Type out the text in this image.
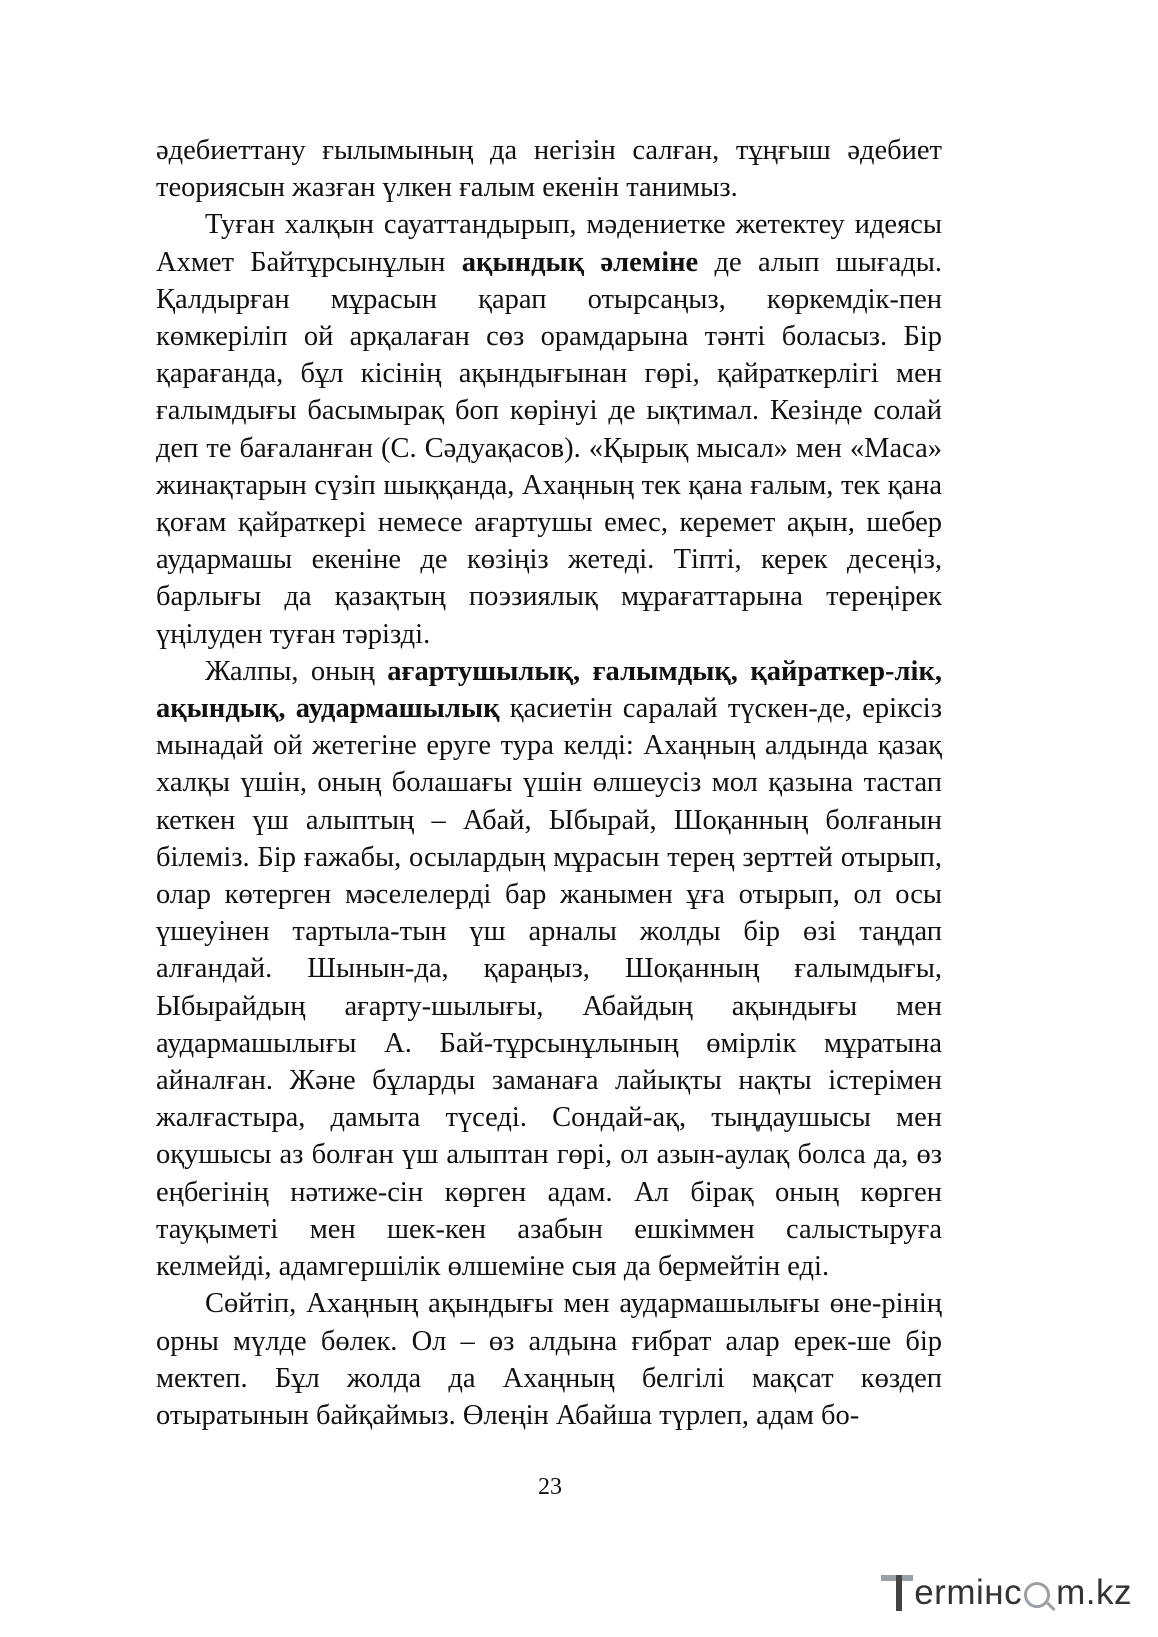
әдебиеттану ғылымының да негізін салған, тұңғыш әдебиет теориясын жазған үлкен ғалым екенін танимыз.

Туған халқын сауаттандырып, мәдениетке жетектеу идеясы Ахмет Байтұрсынұлын ақындық әлеміне де алып шығады. Қалдырған мұрасын қарап отырсаңыз, көркемдік-пен көмкеріліп ой арқалаған сөз орамдарына тәнті боласыз. Бір қарағанда, бұл кісінің ақындығынан гөрі, қайраткерлігі мен ғалымдығы басымырақ боп көрінуі де ықтимал. Кезінде солай деп те бағаланған (С. Сәдуақасов). «Қырық мысал» мен «Маса» жинақтарын сүзіп шыққанда, Ахаңның тек қана ғалым, тек қана қоғам қайраткері немесе ағартушы емес, керемет ақын, шебер аудармашы екеніне де көзіңіз жетеді. Тіпті, керек десеңіз, барлығы да қазақтың поэзиялық мұрағаттарына тереңірек үңілуден туған тәрізді.

Жалпы, оның ағартушылық, ғалымдық, қайраткер-лік, ақындық, аудармашылық қасиетін саралай түскен-де, еріксіз мынадай ой жетегіне еруге тура келді: Ахаңның алдында қазақ халқы үшін, оның болашағы үшін өлшеусіз мол қазына тастап кеткен үш алыптың – Абай, Ыбырай, Шоқанның болғанын білеміз. Бір ғажабы, осылардың мұрасын терең зерттей отырып, олар көтерген мәселелерді бар жанымен ұға отырып, ол осы үшеуінен тартыла-тын үш арналы жолды бір өзі таңдап алғандай. Шынын-да, қараңыз, Шоқанның ғалымдығы, Ыбырайдың ағарту-шылығы, Абайдың ақындығы мен аудармашылығы А. Бай-тұрсынұлының өмірлік мұратына айналған. Және бұларды заманаға лайықты нақты істерімен жалғастыра, дамыта түседі. Сондай-ақ, тыңдаушысы мен оқушысы аз болған үш алыптан гөрі, ол азын-аулақ болса да, өз еңбегінің нәтиже-сін көрген адам. Ал бірақ оның көрген тауқыметі мен шек-кен азабын ешкіммен салыстыруға келмейді, адамгершілік өлшеміне сыя да бермейтін еді.

Сөйтіп, Ахаңның ақындығы мен аудармашылығы өне-рінің орны мүлде бөлек. Ол – өз алдына ғибрат алар ерек-ше бір мектеп. Бұл жолда да Ахаңның белгілі мақсат көздеп отыратынын байқаймыз. Өлеңін Абайша түрлеп, адам бо-

23
ermінс m.kz
